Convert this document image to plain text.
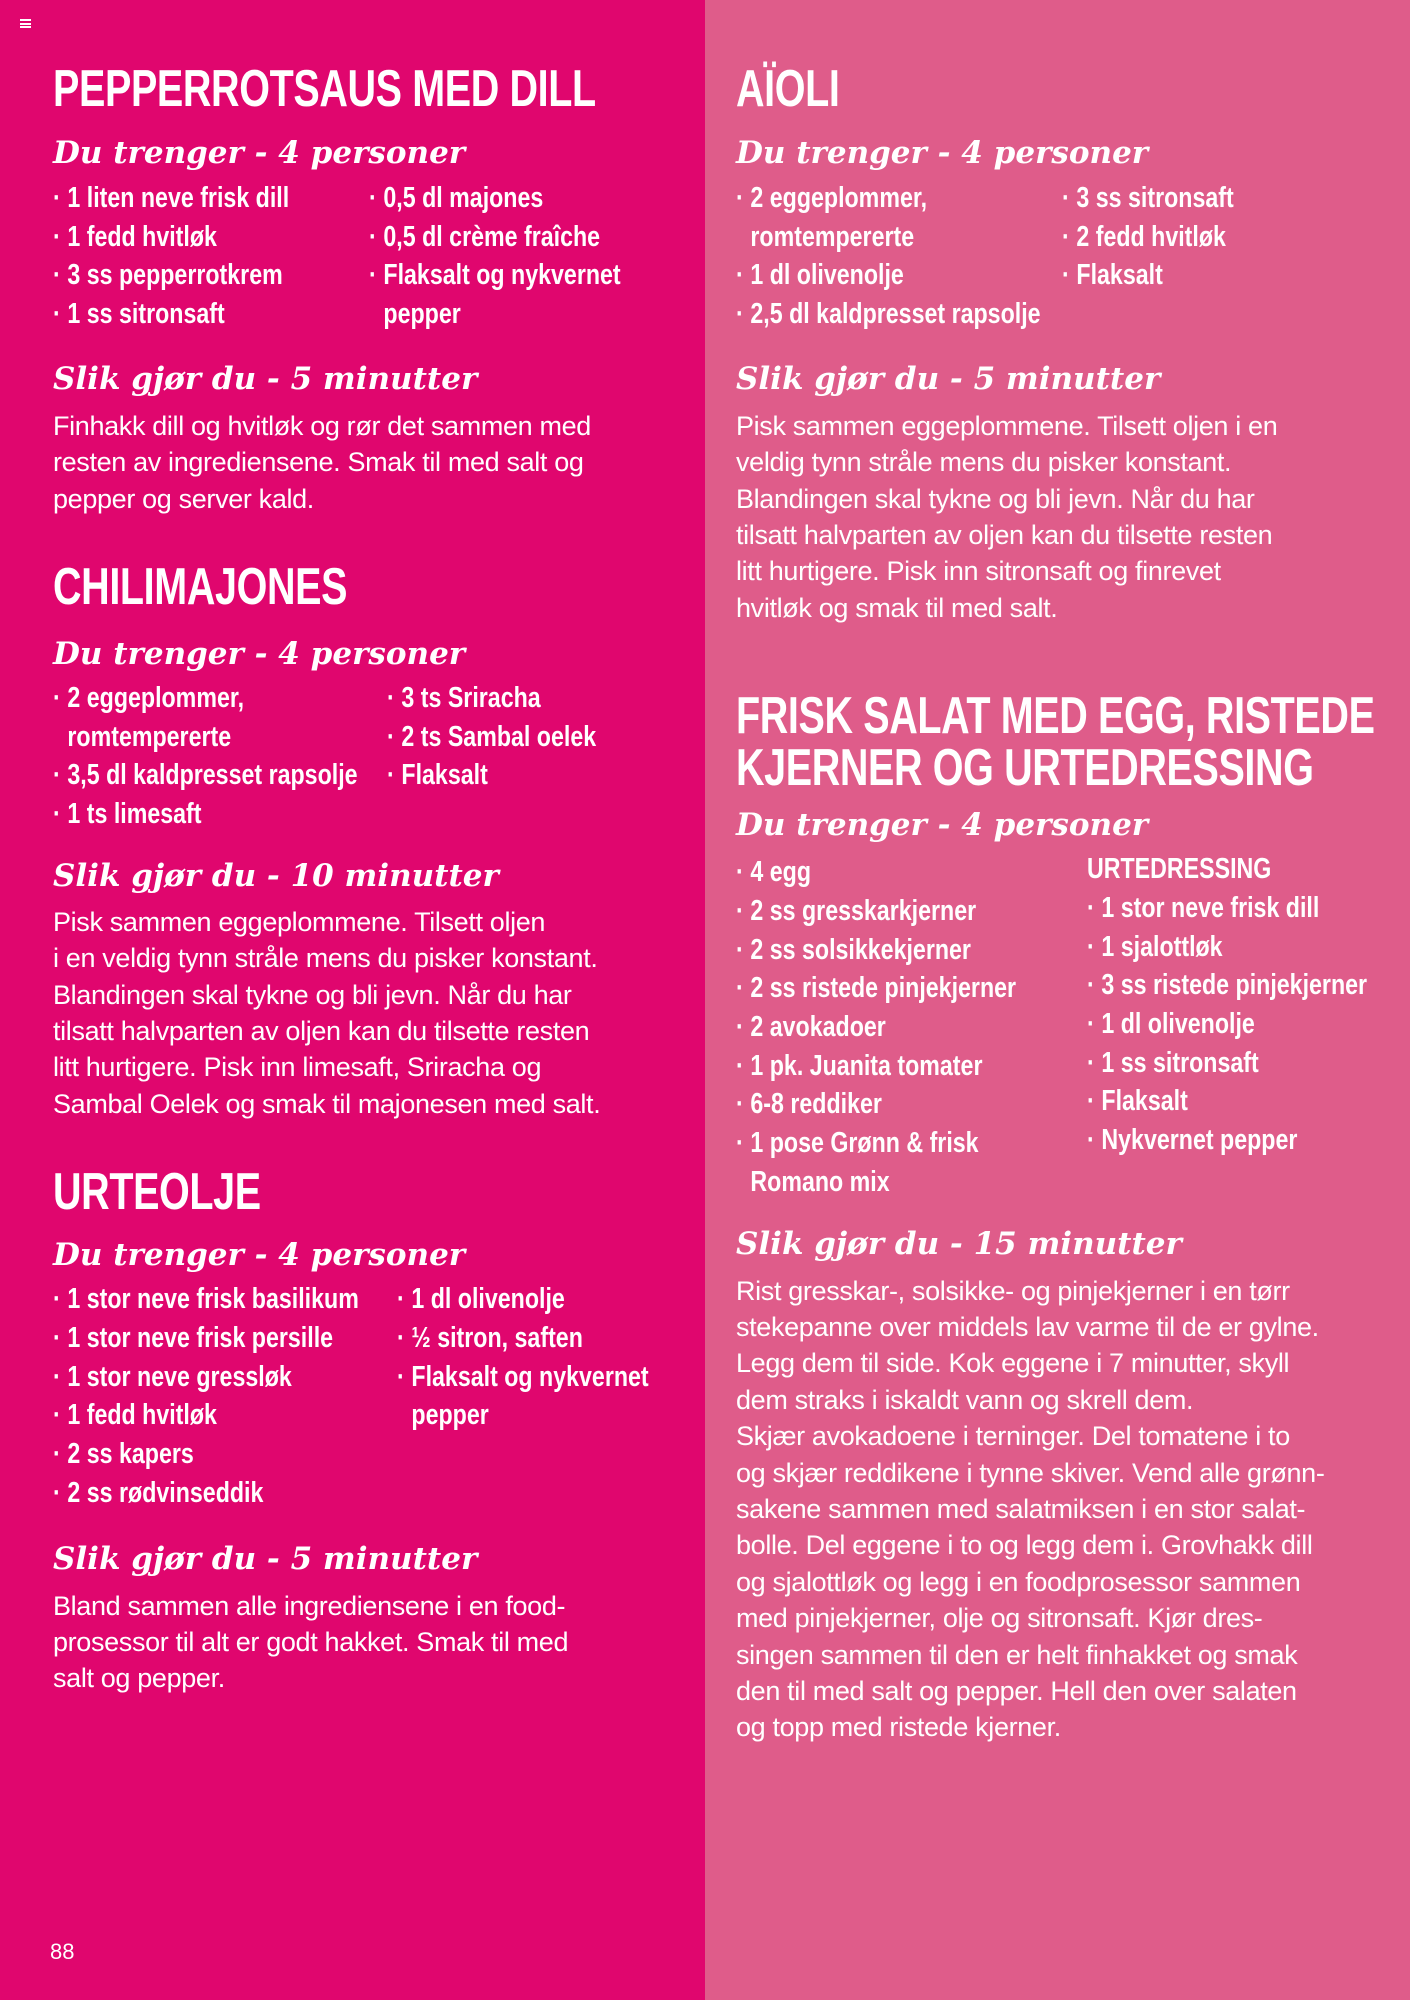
PEPPERROTSAUS MED DILL
Du trenger - 4 personer
· 1 liten neve frisk dill
· 1 fedd hvitløk
· 3 ss pepperrotkrem
· 1 ss sitronsaft
· 0,5 dl majones
· 0,5 dl crème fraîche
· Flaksalt og nykvernet
pepper
Slik gjør du - 5 minutter

Finhakk dill og hvitløk og rør det sammen med

resten av ingrediensene. Smak til med salt og

pepper og server kald.

CHILIMAJONES
Du trenger - 4 personer
· 2 eggeplommer,
romtempererte
· 3,5 dl kaldpresset rapsolje
· 1 ts limesaft
· 3 ts Sriracha
· 2 ts Sambal oelek
· Flaksalt
Slik gjør du - 10 minutter

Pisk sammen eggeplommene. Tilsett oljen

i en veldig tynn stråle mens du pisker konstant.

Blandingen skal tykne og bli jevn. Når du har

tilsatt halvparten av oljen kan du tilsette resten

litt hurtigere. Pisk inn limesaft, Sriracha og

Sambal Oelek og smak til majonesen med salt.

URTEOLJE
Du trenger - 4 personer
· 1 stor neve frisk basilikum
· 1 stor neve frisk persille
· 1 stor neve gressløk
· 1 fedd hvitløk
· 2 ss kapers
· 2 ss rødvinseddik
· 1 dl olivenolje
· ½ sitron, saften
· Flaksalt og nykvernet
pepper
Slik gjør du - 5 minutter

Bland sammen alle ingrediensene i en food-

prosessor til alt er godt hakket. Smak til med

salt og pepper.

88
AÏOLI
Du trenger - 4 personer
· 2 eggeplommer,
romtempererte
· 1 dl olivenolje
· 2,5 dl kaldpresset rapsolje
· 3 ss sitronsaft
· 2 fedd hvitløk
· Flaksalt
Slik gjør du - 5 minutter

Pisk sammen eggeplommene. Tilsett oljen i en

veldig tynn stråle mens du pisker konstant.

Blandingen skal tykne og bli jevn. Når du har

tilsatt halvparten av oljen kan du tilsette resten

litt hurtigere. Pisk inn sitronsaft og finrevet

hvitløk og smak til med salt.

FRISK SALAT MED EGG, RISTEDE
KJERNER OG URTEDRESSING
Du trenger - 4 personer
· 4 egg
· 2 ss gresskarkjerner
· 2 ss solsikkekjerner
· 2 ss ristede pinjekjerner
· 2 avokadoer
· 1 pk. Juanita tomater
· 6-8 reddiker
· 1 pose Grønn & frisk
Romano mix
URTEDRESSING
· 1 stor neve frisk dill
· 1 sjalottløk
· 3 ss ristede pinjekjerner
· 1 dl olivenolje
· 1 ss sitronsaft
· Flaksalt
· Nykvernet pepper
Slik gjør du - 15 minutter

Rist gresskar-, solsikke- og pinjekjerner i en tørr

stekepanne over middels lav varme til de er gylne.

Legg dem til side. Kok eggene i 7 minutter, skyll

dem straks i iskaldt vann og skrell dem.

Skjær avokadoene i terninger. Del tomatene i to

og skjær reddikene i tynne skiver. Vend alle grønn-

sakene sammen med salatmiksen i en stor salat-

bolle. Del eggene i to og legg dem i. Grovhakk dill

og sjalottløk og legg i en foodprosessor sammen

med pinjekjerner, olje og sitronsaft. Kjør dres-

singen sammen til den er helt finhakket og smak

den til med salt og pepper. Hell den over salaten

og topp med ristede kjerner.
